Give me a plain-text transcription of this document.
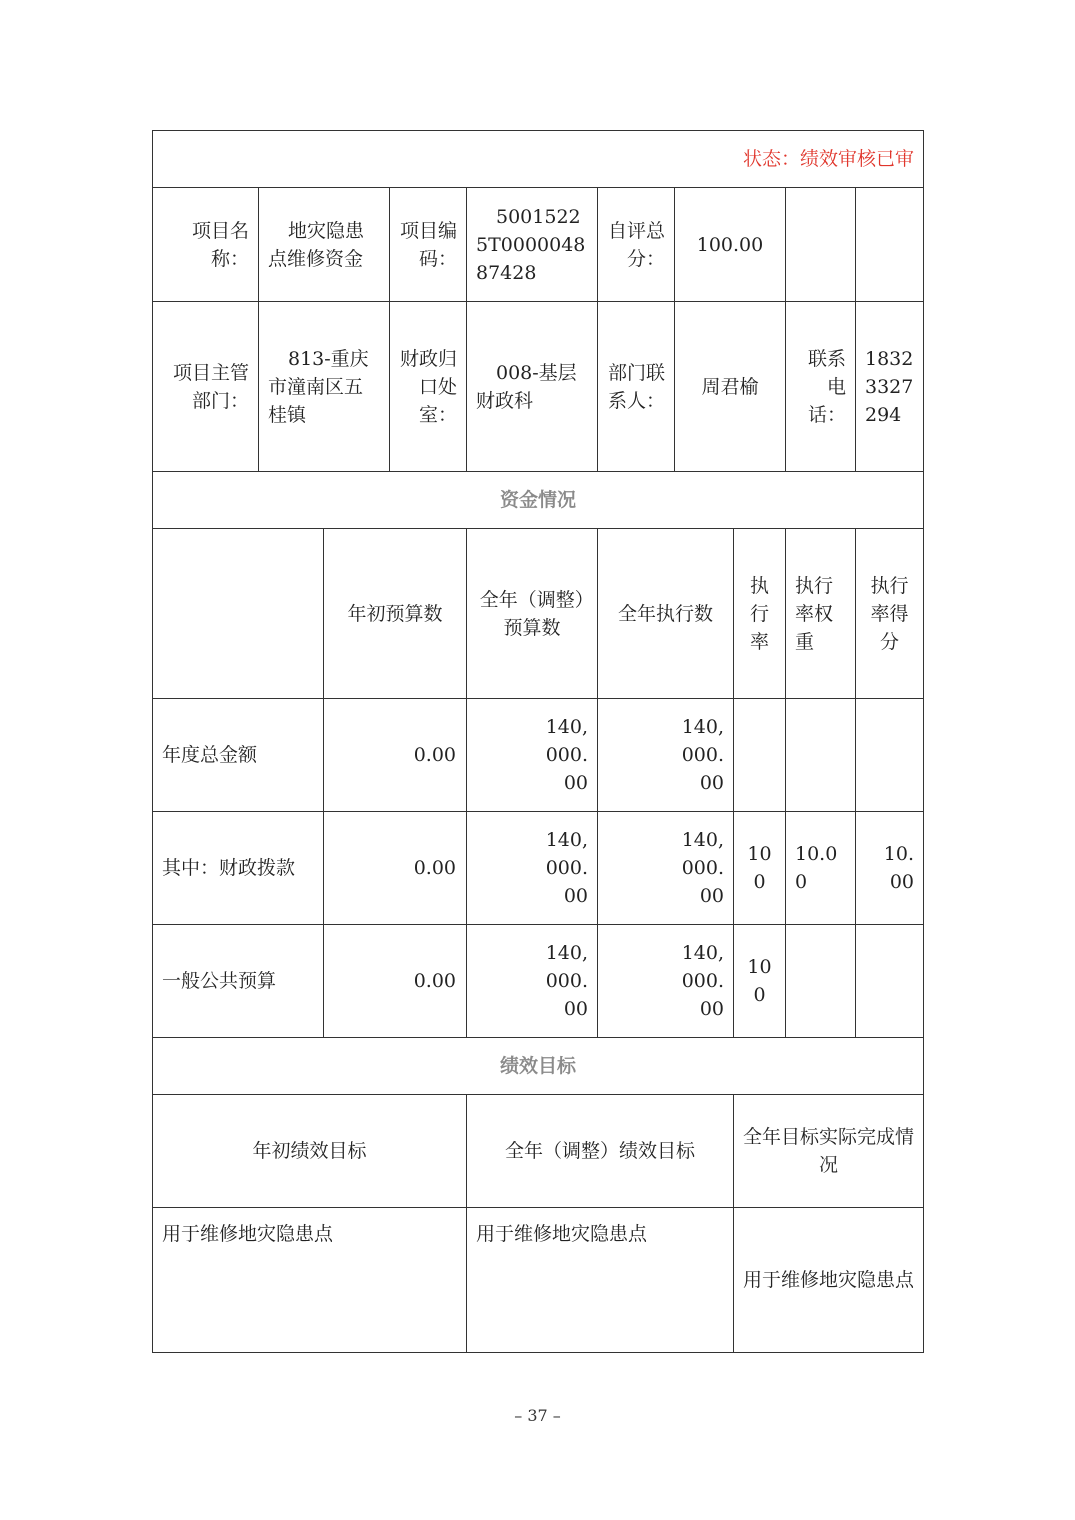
状态：绩效审核已审									
项目名称：	地灾隐患点维修资金		项目编码：	50015225T000004887428	自评总分：	100.00			
项目主管部门：	813-重庆市潼南区五桂镇		财政归口处室：	008-基层财政科	部门联系人：	周君榆		联系电话：	18323327294
资金情况									
		年初预算数		全年（调整）预算数	全年执行数		执行率	执行率权重	执行率得分
年度总金额		0.00		140,000.00	140,000.00				
其中：财政拨款		0.00		140,000.00	140,000.00		100	10.00	10.00
一般公共预算		0.00		140,000.00	140,000.00		100		
绩效目标									
年初绩效目标				全年（调整）绩效目标			全年目标实际完成情况		
用于维修地灾隐患点				用于维修地灾隐患点			用于维修地灾隐患点		
– 37 –
